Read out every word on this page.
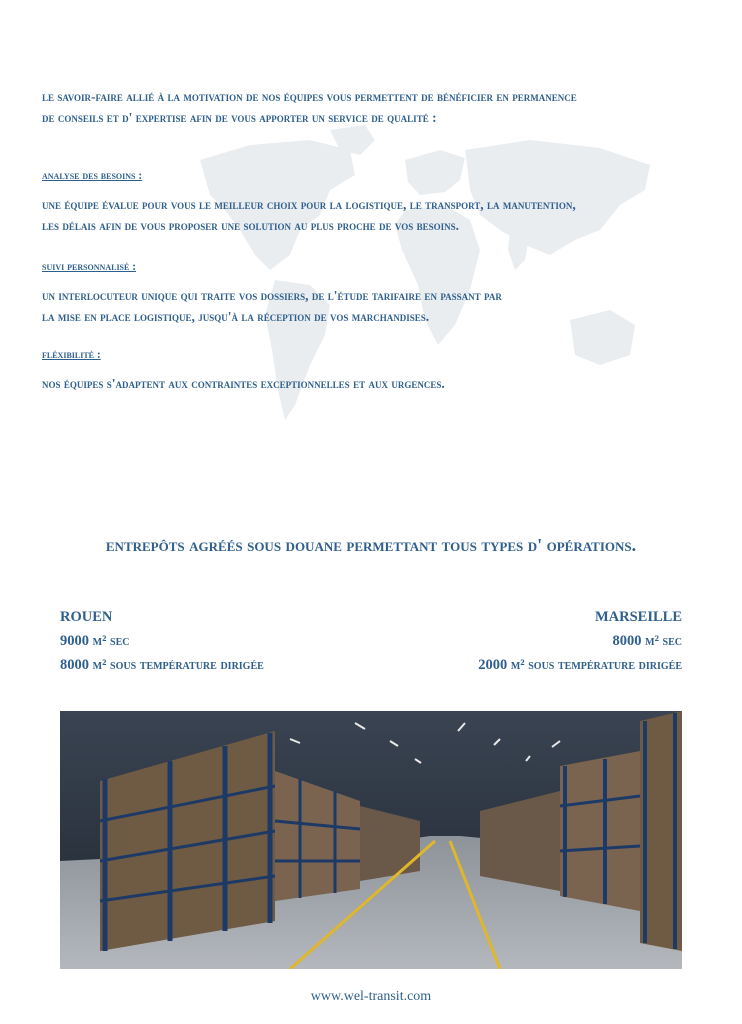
le savoir-faire allié à la motivation de nos équipes vous permettent de bénéficier en permanence
de conseils et d' expertise afin de vous apporter un service de qualité :
analyse des besoins :
une équipe évalue pour vous le meilleur choix pour la logistique, le transport, la manutention,
les délais afin de vous proposer une solution au plus proche de vos besoins.
suivi personnalisé :
un interlocuteur unique qui traite vos dossiers, de l'étude tarifaire en passant par
la mise en place logistique, jusqu'à la réception de vos marchandises.
fléxibilité :
nos équipes s'adaptent aux contraintes exceptionnelles et aux urgences.
entrepôts agréés sous douane permettant tous types d' opérations.
ROUEN
9000 m² sec
8000 m² sous température dirigée
MARSEILLE
8000 m² sec
2000 m² sous température dirigée
www.wel-transit.com
